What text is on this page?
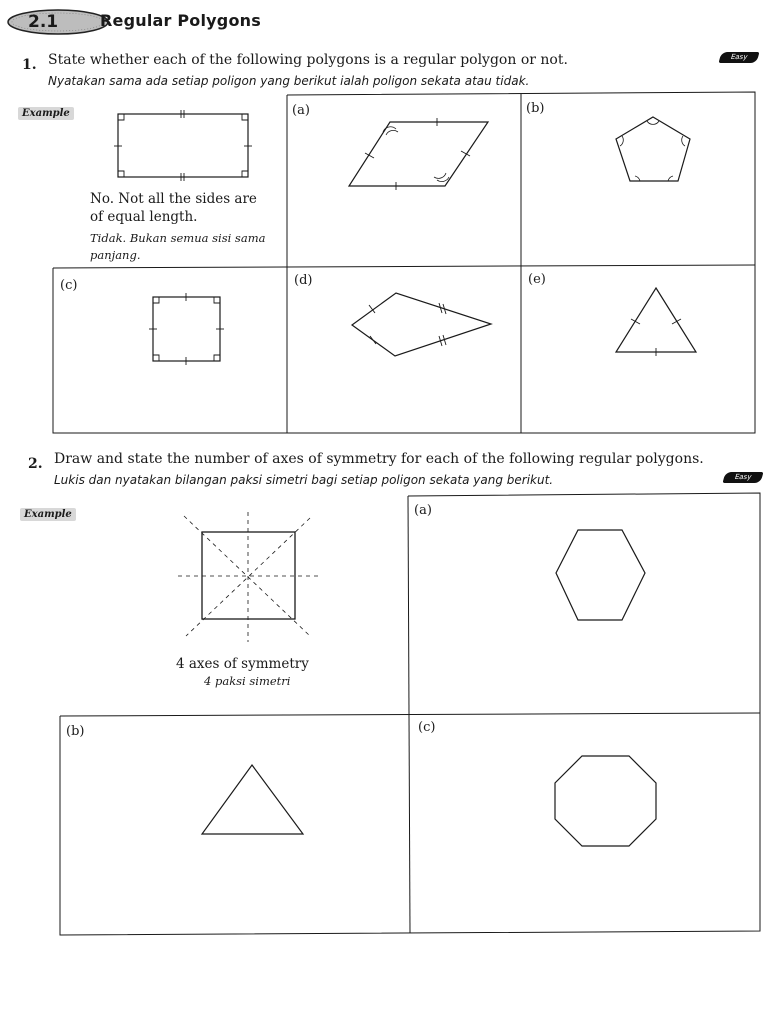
2.1	Regular Polygons
1. State whether each of the following polygons is a regular polygon or not.
Nyatakan sama ada setiap poligon yang berikut ialah poligon sekata atau tidak.
Easy
Example
No. Not all the sides are
of equal length.
Tidak. Bukan semua sisi sama
panjang.
(a)	(b)
(c)	(d)	(e)
2. Draw and state the number of axes of symmetry for each of the following regular polygons.
Lukis dan nyatakan bilangan paksi simetri bagi setiap poligon sekata yang berikut.	Easy
Example
4 axes of symmetry
4 paksi simetri
(a)
(b)	(c)
